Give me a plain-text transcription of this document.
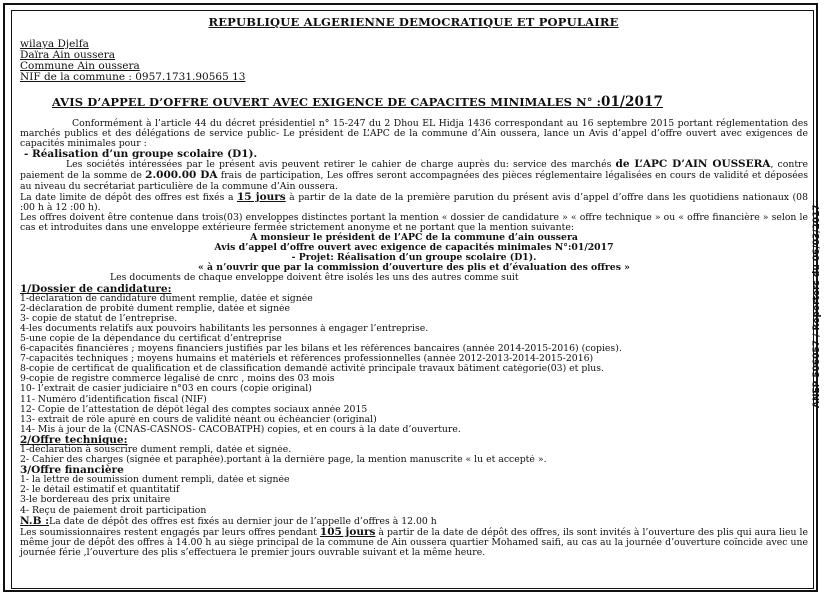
REPUBLIQUE ALGERIENNE DEMOCRATIQUE ET POPULAIRE
wilaya Djelfa
Daïra Ain oussera
Commune Ain oussera
NIF de la commune : 0957.1731.90565 13
AVIS D’APPEL D’OFFRE OUVERT AVEC EXIGENCE DE CAPACITES MINIMALES N° :01/2017

Conformément à l’article 44 du décret présidentiel n° 15-247 du 2 Dhou EL Hidja 1436 correspondant au 16 septembre 2015 portant réglementation des marchés publics et des délégations de service public- Le président de L’APC de la commune d’Ain oussera, lance un Avis d’appel d’offre ouvert avec exigences de capacités minimales pour :

- Réalisation d’un groupe scolaire (D1).

Les sociétés intéressées par le présent avis peuvent retirer le cahier de charge auprès du: service des marchés de L’APC D’AIN OUSSERA, contre paiement de la somme de 2.000.00 DA frais de participation, Les offres seront accompagnées des pièces réglementaire légalisées en cours de validité et déposées au niveau du secrétariat particulière de la commune d’Ain oussera.

La date limite de dépôt des offres est fixés a 15 jours à partir de la date de la première parution du présent avis d’appel d’offre dans les quotidiens nationaux (08 :00 h à 12 :00 h).

Les offres doivent être contenue dans trois(03) enveloppes distinctes portant la mention « dossier de candidature » « offre technique » ou « offre financière » selon le cas et introduites dans une enveloppe extérieure fermée strictement anonyme et ne portant que la mention suivante:

A monsieur le président de l’APC de la commune d’ain oussera

Avis d’appel d’offre ouvert avec exigence de capacités minimales N°:01/2017

- Projet: Réalisation d’un groupe scolaire (D1).

« à n’ouvrir que par la commission d’ouverture des plis et d’évaluation des offres »

Les documents de chaque enveloppe doivent être isolés les uns des autres comme suit

1/Dossier de candidature:

1-déclaration de candidature dument remplie, datée et signée

2-déclaration de probité dument remplie, datée et signée

3- copie de statut de l’entreprise.

4-les documents relatifs aux pouvoirs habilitants les personnes à engager l’entreprise.

5-une copie de la dépendance du certificat d’entreprise

6-capacités financières ; moyens financiers justifiés par les bilans et les références bancaires (année 2014-2015-2016) (copies).

7-capacités techniques ; moyens humains et matériels et références professionnelles (année 2012-2013-2014-2015-2016)

8-copie de certificat de qualification et de classification demandé activité principale travaux bâtiment catégorie(03) et plus.

9-copie de registre commerce légalisé de cnrc , moins des 03 mois

10- l’extrait de casier judiciaire n°03 en cours (copie original)

11- Numéro d’identification fiscal (NIF)

12- Copie de l’attestation de dépôt légal des comptes sociaux année 2015

13- extrait de rôle apuré en cours de validité néant ou échéancier (original)

14- Mis à jour de la (CNAS-CASNOS- CACOBATPH) copies, et en cours à la date d’ouverture.

2/Offre technique:

1-déclaration à souscrire dument rempli, datée et signée.

2- Cahier des charges (signée et paraphée).portant à la dernière page, la mention manuscrite « lu et accepté ».

3/Offre financière

1- la lettre de soumission dument rempli, datée et signée

2- le détail estimatif et quantitatif

3-le bordereau des prix unitaire

4- Reçu de paiement droit participation

N.B :La date de dépôt des offres est fixés au dernier jour de l’appelle d’offres à 12.00 h

Les soumissionnaires restent engagés par leurs offres pendant 105 jours à partir de la date de dépôt des offres, ils sont invités à l’ouverture des plis qui aura lieu le même jour de dépôt des offres à 14.00 h au siège principal de la commune de Ain oussera quartier Mohamed saifi, au cas au la journée d’ouverture coïncide avec une journée férie ,l’ouverture des plis s’effectuera le premier jours ouvrable suivant et la même heure.

ANEP 506057 / Reporters du 06/03/2017
